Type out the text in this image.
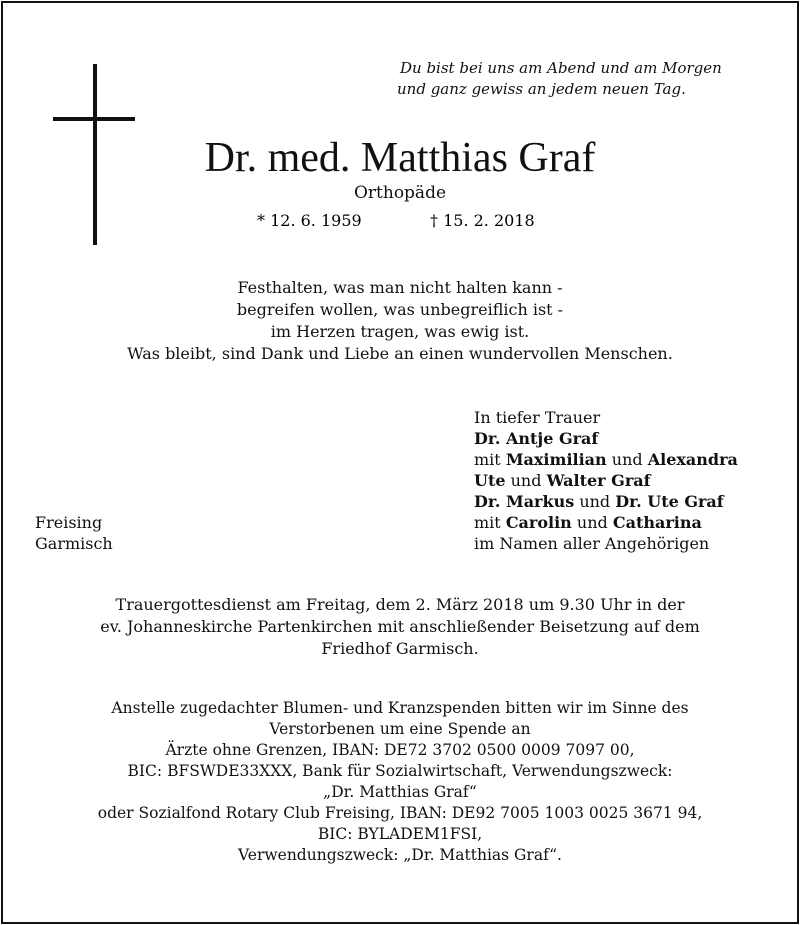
Du bist bei uns am Abend und am Morgen
und ganz gewiss an jedem neuen Tag.
Dr. med. Matthias Graf
Orthopäde
* 12. 6. 1959	† 15. 2. 2018
Festhalten, was man nicht halten kann -
begreifen wollen, was unbegreiflich ist -
im Herzen tragen, was ewig ist.
Was bleibt, sind Dank und Liebe an einen wundervollen Menschen.
In tiefer Trauer
Dr. Antje Graf
mit Maximilian und Alexandra
Ute und Walter Graf
Dr. Markus und Dr. Ute Graf
mit Carolin und Catharina
im Namen aller Angehörigen
Freising
Garmisch
Trauergottesdienst am Freitag, dem 2. März 2018 um 9.30 Uhr in der
ev. Johanneskirche Partenkirchen mit anschließender Beisetzung auf dem
Friedhof Garmisch.
Anstelle zugedachter Blumen- und Kranzspenden bitten wir im Sinne des
Verstorbenen um eine Spende an
Ärzte ohne Grenzen, IBAN: DE72 3702 0500 0009 7097 00,
BIC: BFSWDE33XXX, Bank für Sozialwirtschaft, Verwendungszweck:
„Dr. Matthias Graf“
oder Sozialfond Rotary Club Freising, IBAN: DE92 7005 1003 0025 3671 94,
BIC: BYLADEM1FSI,
Verwendungszweck: „Dr. Matthias Graf“.
